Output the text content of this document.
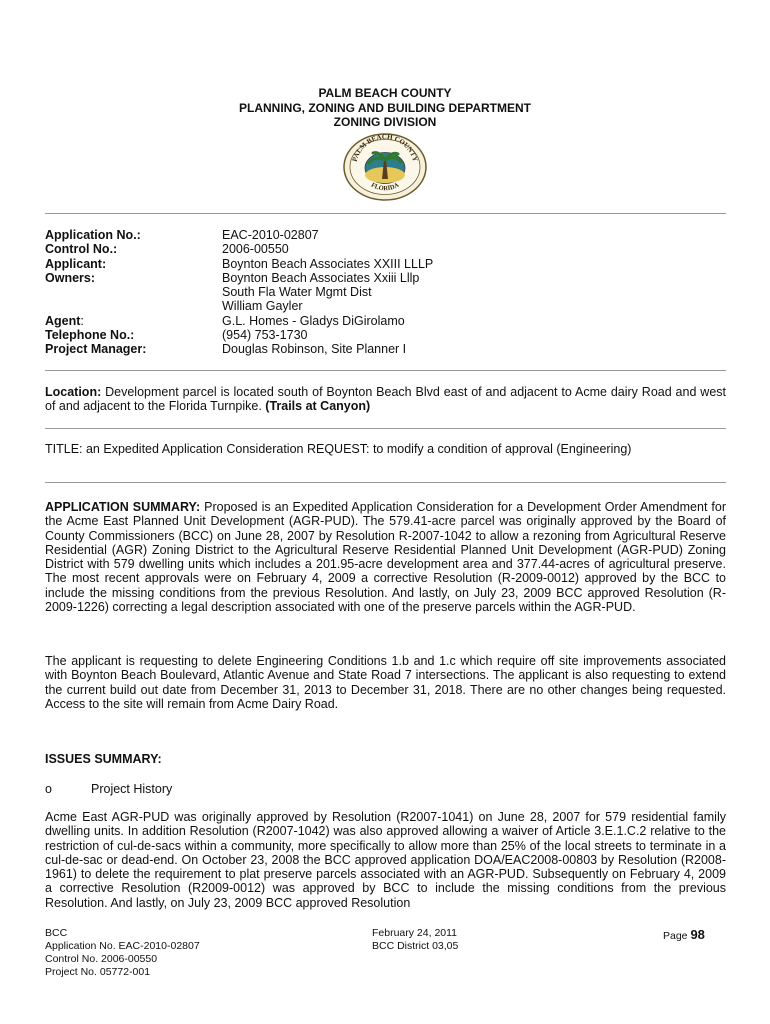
PALM BEACH COUNTY
PLANNING, ZONING AND BUILDING DEPARTMENT
ZONING DIVISION
PALM BEACH COUNTY
FLORIDA
Application No.:	EAC-2010-02807
Control No.:	2006-00550
Applicant:	Boynton Beach Associates XXIII LLLP
Owners:	Boynton Beach Associates Xxiii Lllp
South Fla Water Mgmt Dist
William Gayler
Agent:	G.L. Homes - Gladys DiGirolamo
Telephone No.:	(954) 753-1730
Project Manager:	Douglas Robinson, Site Planner I
Location: Development parcel is located south of Boynton Beach Blvd east of and adjacent to Acme dairy Road and west of and adjacent to the Florida Turnpike. (Trails at Canyon)
TITLE: an Expedited Application Consideration REQUEST: to modify a condition of approval (Engineering)
APPLICATION SUMMARY: Proposed is an Expedited Application Consideration for a Development Order Amendment for the Acme East Planned Unit Development (AGR-PUD). The 579.41-acre parcel was originally approved by the Board of County Commissioners (BCC) on June 28, 2007 by Resolution R-2007-1042 to allow a rezoning from Agricultural Reserve Residential (AGR) Zoning District to the Agricultural Reserve Residential Planned Unit Development (AGR-PUD) Zoning District with 579 dwelling units which includes a 201.95-acre development area and 377.44-acres of agricultural preserve. The most recent approvals were on February 4, 2009 a corrective Resolution (R-2009-0012) approved by the BCC to include the missing conditions from the previous Resolution. And lastly, on July 23, 2009 BCC approved Resolution (R-2009-1226) correcting a legal description associated with one of the preserve parcels within the AGR-PUD.
The applicant is requesting to delete Engineering Conditions 1.b and 1.c which require off site improvements associated with Boynton Beach Boulevard, Atlantic Avenue and State Road 7 intersections. The applicant is also requesting to extend the current build out date from December 31, 2013 to December 31, 2018. There are no other changes being requested. Access to the site will remain from Acme Dairy Road.
ISSUES SUMMARY:
o	Project History
Acme East AGR-PUD was originally approved by Resolution (R2007-1041) on June 28, 2007 for 579 residential family dwelling units. In addition Resolution (R2007-1042) was also approved allowing a waiver of Article 3.E.1.C.2 relative to the restriction of cul-de-sacs within a community, more specifically to allow more than 25% of the local streets to terminate in a cul-de-sac or dead-end. On October 23, 2008 the BCC approved application DOA/EAC2008-00803 by Resolution (R2008-1961) to delete the requirement to plat preserve parcels associated with an AGR-PUD. Subsequently on February 4, 2009 a corrective Resolution (R2009-0012) was approved by BCC to include the missing conditions from the previous Resolution. And lastly, on July 23, 2009 BCC approved Resolution
BCC
Application No. EAC-2010-02807
Control No. 2006-00550
Project No. 05772-001
February 24, 2011
BCC District 03,05
Page 98
